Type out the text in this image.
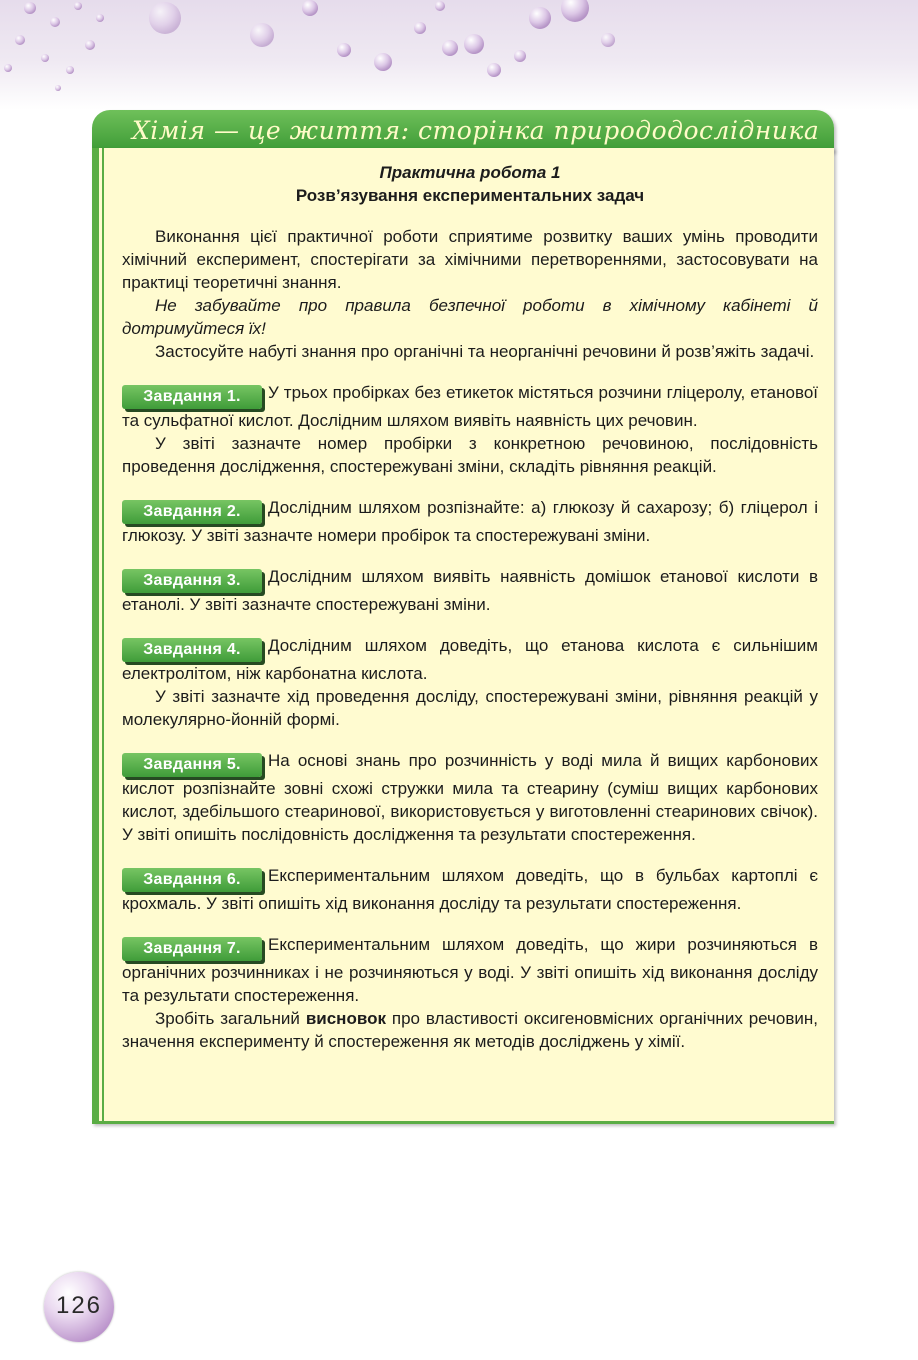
Хімія — це життя: сторінка природодослідника

Практична робота 1

Розв’язування експериментальних задач

Виконання цієї практичної роботи сприятиме розвитку ваших умінь проводити хімічний експеримент, спостерігати за хімічними перетвореннями, застосовувати на практиці теоретичні знання.

Не забувайте про правила безпечної роботи в хімічному кабінеті й дотримуйтеся їх!

Застосуйте набуті знання про органічні та неорганічні речовини й розв’яжіть задачі.

Завдання 1. У трьох пробірках без етикеток містяться розчини гліцеролу, етанової та сульфатної кислот. Дослідним шляхом виявіть наявність цих речовин.

У звіті зазначте номер пробірки з конкретною речовиною, послідовність проведення дослідження, спостережувані зміни, складіть рівняння реакцій.

Завдання 2. Дослідним шляхом розпізнайте: а) глюкозу й сахарозу; б) гліцерол і глюкозу. У звіті зазначте номери пробірок та спостережувані зміни.

Завдання 3. Дослідним шляхом виявіть наявність домішок етанової кислоти в етанолі. У звіті зазначте спостережувані зміни.

Завдання 4. Дослідним шляхом доведіть, що етанова кислота є сильнішим електролітом, ніж карбонатна кислота.

У звіті зазначте хід проведення досліду, спостережувані зміни, рівняння реакцій у молекулярно-йонній формі.

Завдання 5. На основі знань про розчинність у воді мила й вищих карбонових кислот розпізнайте зовні схожі стружки мила та стеарину (суміш вищих карбонових кислот, здебільшого стеаринової, використовується у виготовленні стеаринових свічок). У звіті опишіть послідовність дослідження та результати спостереження.

Завдання 6. Експериментальним шляхом доведіть, що в бульбах картоплі є крохмаль. У звіті опишіть хід виконання досліду та результати спостереження.

Завдання 7. Експериментальним шляхом доведіть, що жири розчиняються в органічних розчинниках і не розчиняються у воді. У звіті опишіть хід виконання досліду та результати спостереження.

Зробіть загальний висновок про властивості оксигеновмісних органічних речовин, значення експерименту й спостереження як методів досліджень у хімії.

126
